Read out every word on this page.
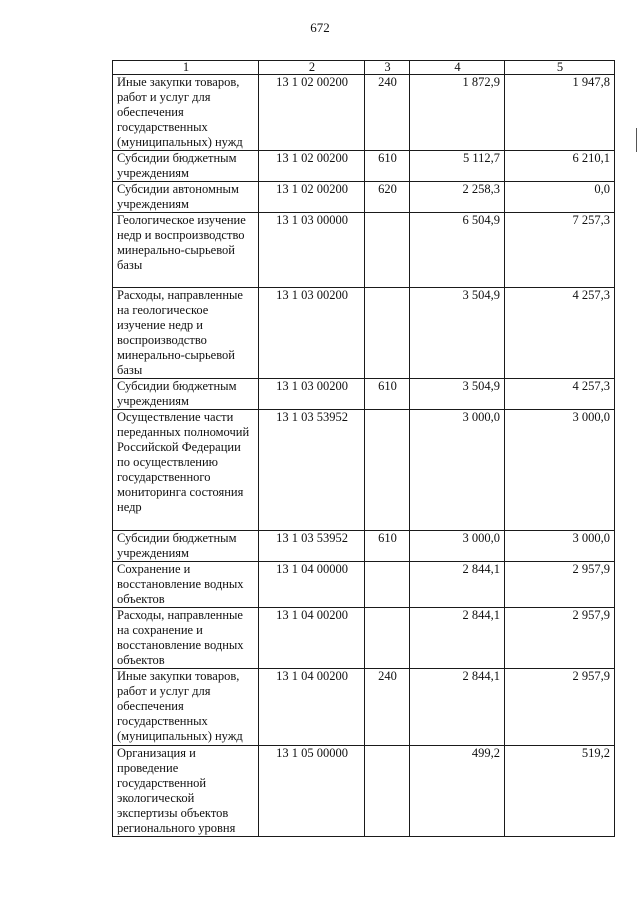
672
1	2	3	4	5
Иные закупки товаров, работ и услуг для обеспечения государственных (муниципальных) нужд	13 1 02 00200	240	1 872,9	1 947,8
Субсидии бюджетным учреждениям	13 1 02 00200	610	5 112,7	6 210,1
Субсидии автономным учреждениям	13 1 02 00200	620	2 258,3	0,0
Геологическое изучение недр и воспроизводство минерально-сырьевой базы	13 1 03 00000		6 504,9	7 257,3
Расходы, направленные на геологическое изучение недр и воспроизводство минерально-сырьевой базы	13 1 03 00200		3 504,9	4 257,3
Субсидии бюджетным учреждениям	13 1 03 00200	610	3 504,9	4 257,3
Осуществление части переданных полномочий Российской Федерации по осуществлению государственного мониторинга состояния недр	13 1 03 53952		3 000,0	3 000,0
Субсидии бюджетным учреждениям	13 1 03 53952	610	3 000,0	3 000,0
Сохранение и восстановление водных объектов	13 1 04 00000		2 844,1	2 957,9
Расходы, направленные на сохранение и восстановление водных объектов	13 1 04 00200		2 844,1	2 957,9
Иные закупки товаров, работ и услуг для обеспечения государственных (муниципальных) нужд	13 1 04 00200	240	2 844,1	2 957,9
Организация и проведение государственной экологической экспертизы объектов регионального уровня	13 1 05 00000		499,2	519,2
